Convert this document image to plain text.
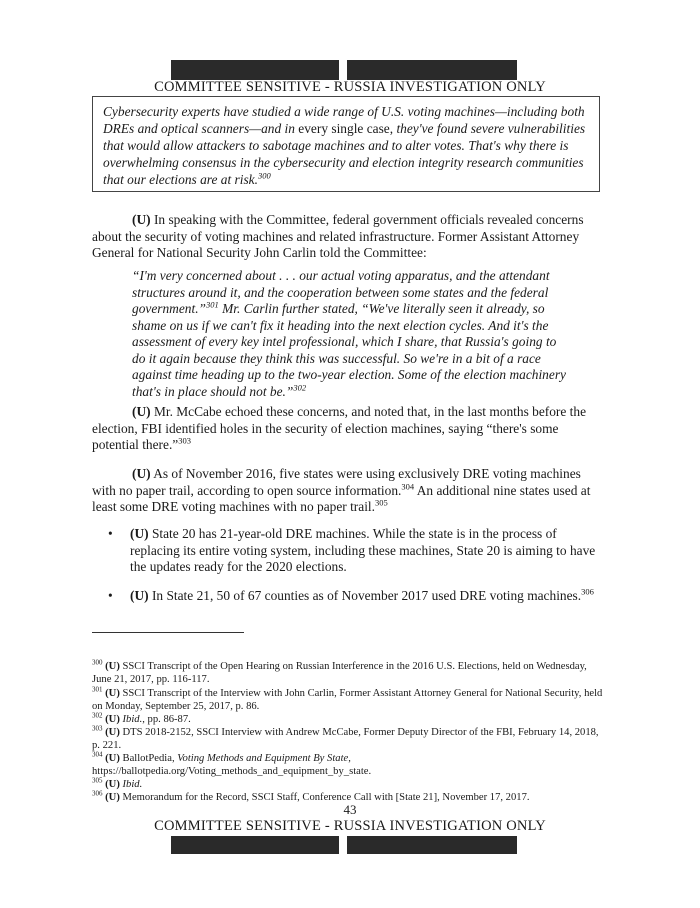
COMMITTEE SENSITIVE - RUSSIA INVESTIGATION ONLY
Cybersecurity experts have studied a wide range of U.S. voting machines—including both DREs and optical scanners—and in every single case, they've found severe vulnerabilities that would allow attackers to sabotage machines and to alter votes. That's why there is overwhelming consensus in the cybersecurity and election integrity research communities that our elections are at risk.$^{300}$
(U) In speaking with the Committee, federal government officials revealed concerns about the security of voting machines and related infrastructure. Former Assistant Attorney General for National Security John Carlin told the Committee:
“I'm very concerned about . . . our actual voting apparatus, and the attendant structures around it, and the cooperation between some states and the federal government.”$^{301}$ Mr. Carlin further stated, “We've literally seen it already, so shame on us if we can't fix it heading into the next election cycles. And it's the assessment of every key intel professional, which I share, that Russia's going to do it again because they think this was successful. So we're in a bit of a race against time heading up to the two-year election. Some of the election machinery that's in place should not be.”$^{302}$
(U) Mr. McCabe echoed these concerns, and noted that, in the last months before the election, FBI identified holes in the security of election machines, saying “there's some potential there.”$^{303}$
(U) As of November 2016, five states were using exclusively DRE voting machines with no paper trail, according to open source information.$^{304}$ An additional nine states used at least some DRE voting machines with no paper trail.$^{305}$
• (U) State 20 has 21-year-old DRE machines. While the state is in the process of replacing its entire voting system, including these machines, State 20 is aiming to have the updates ready for the 2020 elections.
• (U) In State 21, 50 of 67 counties as of November 2017 used DRE voting machines.$^{306}$
$^{300}$ (U) SSCI Transcript of the Open Hearing on Russian Interference in the 2016 U.S. Elections, held on Wednesday, June 21, 2017, pp. 116-117.
$^{301}$ (U) SSCI Transcript of the Interview with John Carlin, Former Assistant Attorney General for National Security, held on Monday, September 25, 2017, p. 86.
$^{302}$ (U) Ibid., pp. 86-87.
$^{303}$ (U) DTS 2018-2152, SSCI Interview with Andrew McCabe, Former Deputy Director of the FBI, February 14, 2018, p. 221.
$^{304}$ (U) BallotPedia, Voting Methods and Equipment By State, https://ballotpedia.org/Voting_methods_and_equipment_by_state.
$^{305}$ (U) Ibid.
$^{306}$ (U) Memorandum for the Record, SSCI Staff, Conference Call with [State 21], November 17, 2017.
43
COMMITTEE SENSITIVE - RUSSIA INVESTIGATION ONLY
